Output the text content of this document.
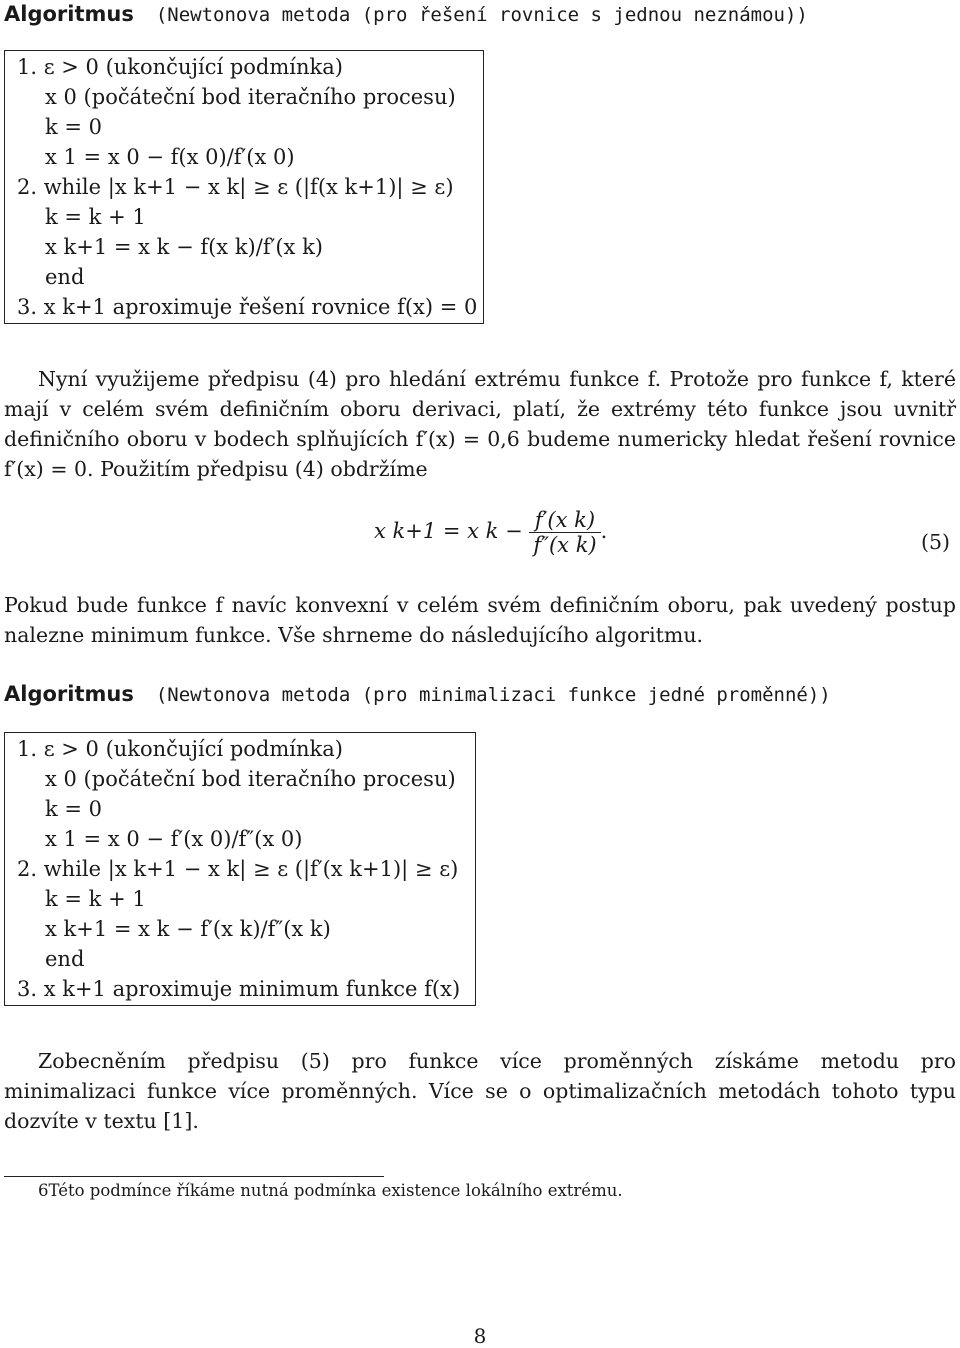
Algoritmus (Newtonova metoda (pro řešení rovnice s jednou neznámou))
1. ε > 0 (ukončující podmínka)
x 0 (počáteční bod iteračního procesu)
k = 0
x 1 = x 0 − f(x 0)/f′(x 0)
2. while |x k+1 − x k| ≥ ε (|f(x k+1)| ≥ ε)
k = k + 1
x k+1 = x k − f(x k)/f′(x k)
end
3. x k+1 aproximuje řešení rovnice f(x) = 0

Nyní využijeme předpisu (4) pro hledání extrému funkce f. Protože pro funkce f, které mají v celém svém definičním oboru derivaci, platí, že extrémy této funkce jsou uvnitř definičního oboru v bodech splňujících f′(x) = 0,6 budeme numericky hledat řešení rovnice f′(x) = 0. Použitím předpisu (4) obdržíme

x k+1 = x $k - \frac{\text{f′(x k)}}{\text{f″(x k)}}$ .	(5)

Pokud bude funkce f navíc konvexní v celém svém definičním oboru, pak uvedený postup nalezne minimum funkce. Vše shrneme do následujícího algoritmu.

Algoritmus (Newtonova metoda (pro minimalizaci funkce jedné proměnné))
1. ε > 0 (ukončující podmínka)
x 0 (počáteční bod iteračního procesu)
k = 0
x 1 = x 0 − f′(x 0)/f″(x 0)
2. while |x k+1 − x k| ≥ ε (|f′(x k+1)| ≥ ε)
k = k + 1
x k+1 = x k − f′(x k)/f″(x k)
end
3. x k+1 aproximuje minimum funkce f(x)

Zobecněním předpisu (5) pro funkce více proměnných získáme metodu pro minimalizaci funkce více proměnných. Více se o optimalizačních metodách tohoto typu dozvíte v textu [1].

6Této podmínce říkáme nutná podmínka existence lokálního extrému.
8
